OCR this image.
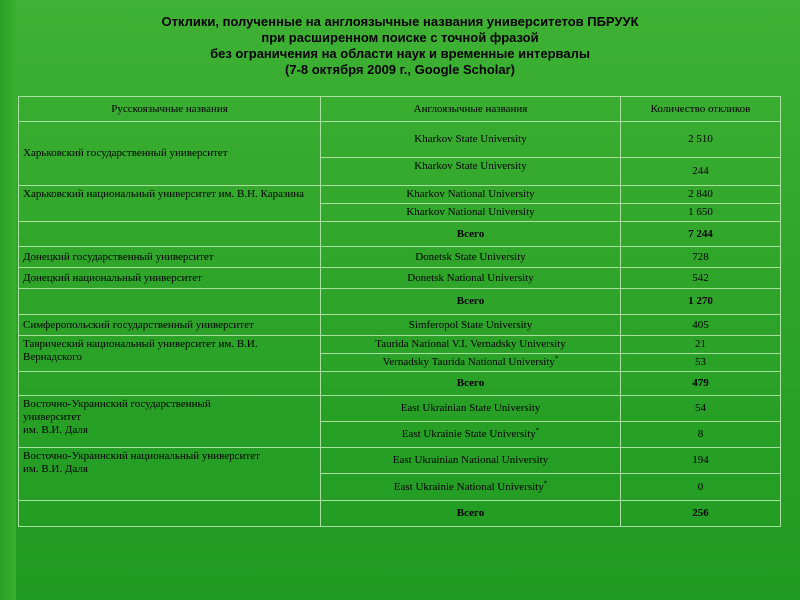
Отклики, полученные на англоязычные названия университетов ПБРУУК
при расширенном поиске с точной фразой
без ограничения на области наук и временные интервалы
(7-8 октября 2009 г., Google Scholar)
Русскоязычные названия	Англоязычные названия	Количество откликов
Харьковский государственный университет	Kharkov State University	2 510
	Kharkov State University	244
Харьковский национальный университет им. В.Н. Каразина	Kharkov National University	2 840
	Kharkov National University	1 650
	Всего	7 244
Донецкий государственный университет	Donetsk State University	728
Донецкий национальный университет	Donetsk National University	542
	Всего	1 270
Симферопольский государственный университет	Simferopol State University	405
Таврический национальный университет им. В.И. Вернадского	Taurida National V.I. Vernadsky University	21
	Vernadsky Taurida National University*	53
	Всего	479

Восточно-Украинский государственный
университет
им. В.И. Даля	East Ukrainian State University	54
	East Ukrainie State University*	8

Восточно-Украинский национальный университет
им. В.И. Даля	East Ukrainian National University	194
	East Ukrainie National University*	0
	Всего	256
